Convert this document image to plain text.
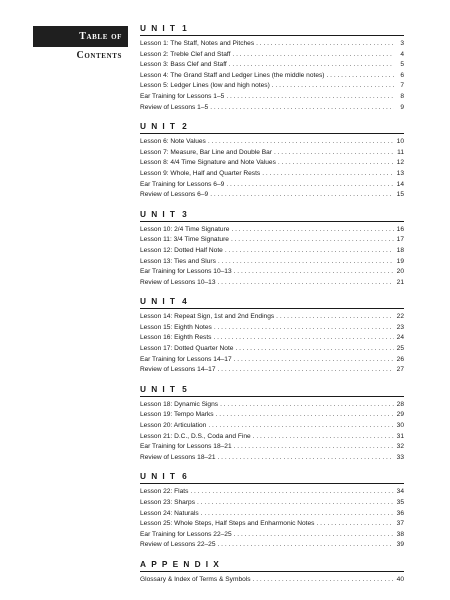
Table of
Contents
UNIT 1
Lesson 1: The Staff, Notes and Pitches . . .	3
Lesson 2: Treble Clef and Staff . . .	4
Lesson 3: Bass Clef and Staff . . .	5
Lesson 4: The Grand Staff and Ledger Lines (the middle notes) . . .	6
Lesson 5: Ledger Lines (low and high notes) . . .	7
Ear Training for Lessons 1–5 . . .	8
Review of Lessons 1–5 . . .	9
UNIT 2
Lesson 6: Note Values . . .	10
Lesson 7: Measure, Bar Line and Double Bar . . .	11
Lesson 8: 4/4 Time Signature and Note Values . . .	12
Lesson 9: Whole, Half and Quarter Rests . . .	13
Ear Training for Lessons 6–9 . . .	14
Review of Lessons 6–9 . . .	15
UNIT 3
Lesson 10: 2/4 Time Signature . . .	16
Lesson 11: 3/4 Time Signature . . .	17
Lesson 12: Dotted Half Note . . .	18
Lesson 13: Ties and Slurs . . .	19
Ear Training for Lessons 10–13 . . .	20
Review of Lessons 10–13 . . .	21
UNIT 4
Lesson 14: Repeat Sign, 1st and 2nd Endings . . .	22
Lesson 15: Eighth Notes . . .	23
Lesson 16: Eighth Rests . . .	24
Lesson 17: Dotted Quarter Note . . .	25
Ear Training for Lessons 14–17 . . .	26
Review of Lessons 14–17 . . .	27
UNIT 5
Lesson 18: Dynamic Signs . . .	28
Lesson 19: Tempo Marks . . .	29
Lesson 20: Articulation . . .	30
Lesson 21: D.C., D.S., Coda and Fine . . .	31
Ear Training for Lessons 18–21 . . .	32
Review of Lessons 18–21 . . .	33
UNIT 6
Lesson 22: Flats . . .	34
Lesson 23: Sharps . . .	35
Lesson 24: Naturals . . .	36
Lesson 25: Whole Steps, Half Steps and Enharmonic Notes . . .	37
Ear Training for Lessons 22–25 . . .	38
Review of Lessons 22–25 . . .	39
APPENDIX
Glossary & Index of Terms & Symbols . . .	40
